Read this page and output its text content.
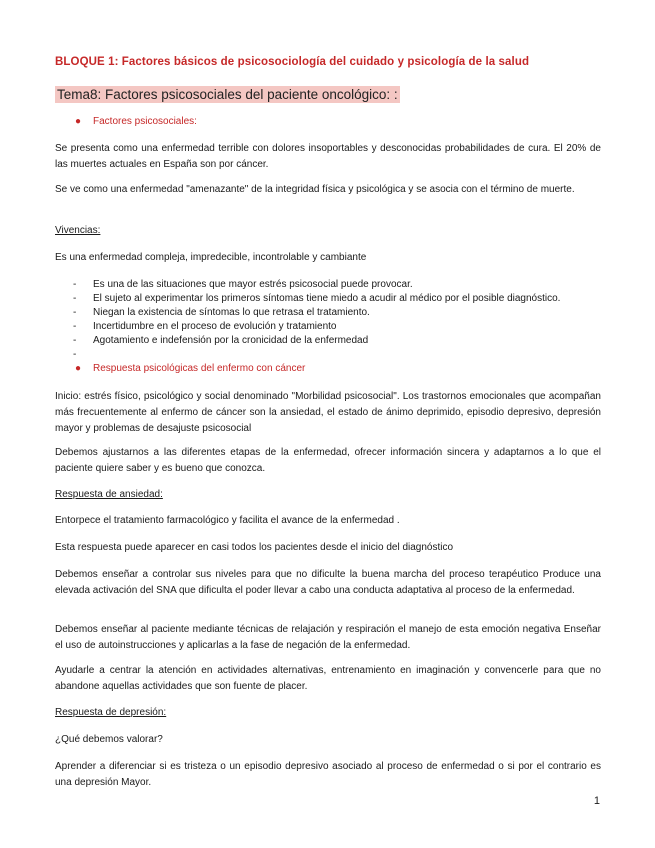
BLOQUE 1: Factores básicos de psicosociología del cuidado y psicología de la salud
Tema8: Factores psicosociales del paciente oncológico: :
● Factores psicosociales:
Se presenta como una enfermedad terrible con dolores insoportables y desconocidas probabilidades de cura. El 20% de las muertes actuales en España son por cáncer.
Se ve como una enfermedad "amenazante" de la integridad física y psicológica y se asocia con el término de muerte.
Vivencias:
Es una enfermedad compleja, impredecible, incontrolable y cambiante
- Es una de las situaciones que mayor estrés psicosocial puede provocar.
- El sujeto al experimentar los primeros síntomas tiene miedo a acudir al médico por el posible diagnóstico.
- Niegan la existencia de síntomas lo que retrasa el tratamiento.
- Incertidumbre en el proceso de evolución y tratamiento
- Agotamiento e indefensión por la cronicidad de la enfermedad
-
● Respuesta psicológicas del enfermo con cáncer
Inicio: estrés físico, psicológico y social denominado "Morbilidad psicosocial". Los trastornos emocionales que acompañan más frecuentemente al enfermo de cáncer son la ansiedad, el estado de ánimo deprimido, episodio depresivo, depresión mayor y problemas de desajuste psicosocial
Debemos ajustarnos a las diferentes etapas de la enfermedad, ofrecer información sincera y adaptarnos a lo que el paciente quiere saber y es bueno que conozca.
Respuesta de ansiedad:
Entorpece el tratamiento farmacológico y facilita el avance de la enfermedad .
Esta respuesta puede aparecer en casi todos los pacientes desde el inicio del diagnóstico
Debemos enseñar a controlar sus niveles para que no dificulte la buena marcha del proceso terapéutico Produce una elevada activación del SNA que dificulta el poder llevar a cabo una conducta adaptativa al proceso de la enfermedad.
Debemos enseñar al paciente mediante técnicas de relajación y respiración el manejo de esta emoción negativa Enseñar el uso de autoinstrucciones y aplicarlas a la fase de negación de la enfermedad.
Ayudarle a centrar la atención en actividades alternativas, entrenamiento en imaginación y convencerle para que no abandone aquellas actividades que son fuente de placer.
Respuesta de depresión:
¿Qué debemos valorar?
Aprender a diferenciar si es tristeza o un episodio depresivo asociado al proceso de enfermedad o si por el contrario es una depresión Mayor.
1
